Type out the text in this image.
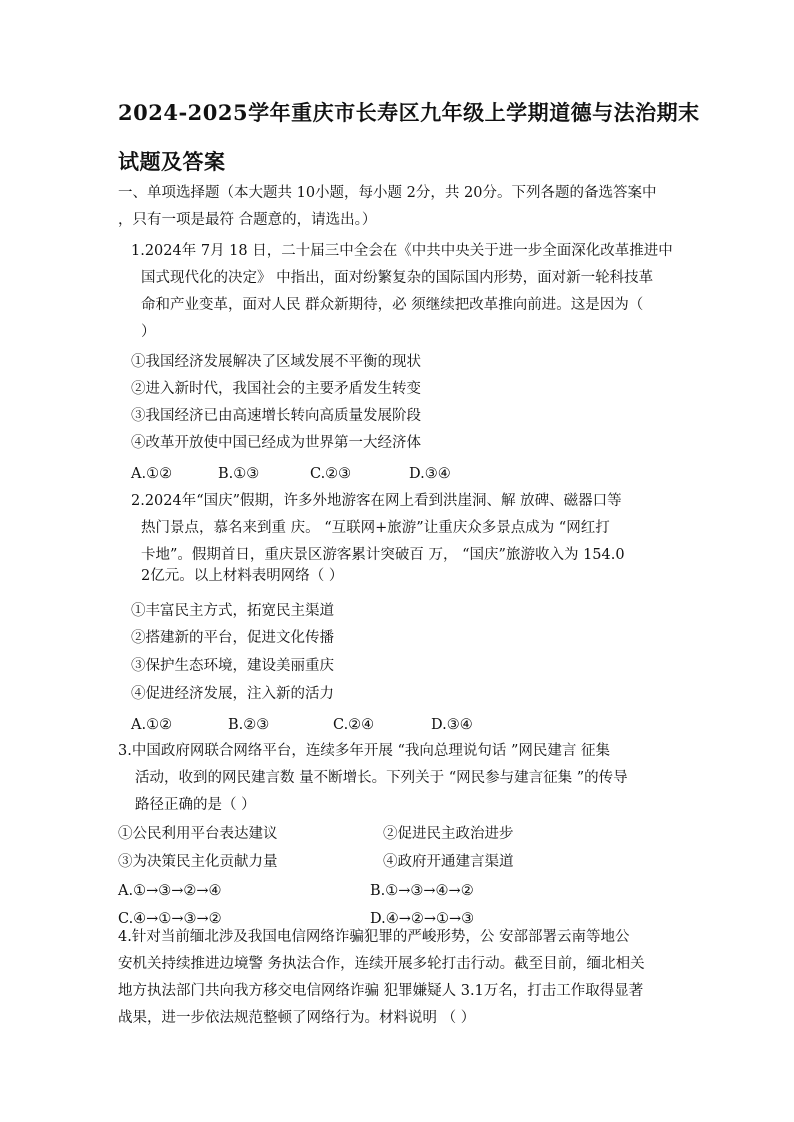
2024-2025学年重庆市长寿区九年级上学期道德与法治期末
试题及答案
一、单项选择题（本大题共 10小题，每小题 2分，共 20分。下列各题的备选答案中
，只有一项是最符 合题意的，请选出。）
1.2024年 7月 18 日，二十届三中全会在《中共中央关于进一步全面深化改革推进中
国式现代化的决定》 中指出，面对纷繁复杂的国际国内形势，面对新一轮科技革
命和产业变革，面对人民 群众新期待，必 须继续把改革推向前进。这是因为（
）
①我国经济发展解决了区域发展不平衡的现状
②进入新时代，我国社会的主要矛盾发生转变
③我国经济已由高速增长转向高质量发展阶段
④改革开放使中国已经成为世界第一大经济体
A.①②	B.①③	C.②③	D.③④
2.2024年“国庆”假期，许多外地游客在网上看到洪崖洞、解 放碑、磁器口等
热门景点，慕名来到重 庆。 “互联网+旅游”让重庆众多景点成为 “网红打
卡地”。假期首日，重庆景区游客累计突破百 万， “国庆”旅游收入为 154.0
2亿元。以上材料表明网络（ ）
①丰富民主方式，拓宽民主渠道
②搭建新的平台，促进文化传播
③保护生态环境，建设美丽重庆
④促进经济发展，注入新的活力
A.①②	B.②③	C.②④	D.③④
3.中国政府网联合网络平台，连续多年开展 “我向总理说句话 ”网民建言 征集
活动，收到的网民建言数 量不断增长。下列关于 “网民参与建言征集 ”的传导
路径正确的是（ ）
①公民利用平台表达建议	②促进民主政治进步
③为决策民主化贡献力量	④政府开通建言渠道
A.①→③→②→④	B.①→③→④→②
C.④→①→③→②	D.④→②→①→③
4.针对当前缅北涉及我国电信网络诈骗犯罪的严峻形势，公 安部部署云南等地公
安机关持续推进边境警 务执法合作，连续开展多轮打击行动。截至目前，缅北相关
地方执法部门共向我方移交电信网络诈骗 犯罪嫌疑人 3.1万名，打击工作取得显著
战果，进一步依法规范整顿了网络行为。材料说明 （ ）
